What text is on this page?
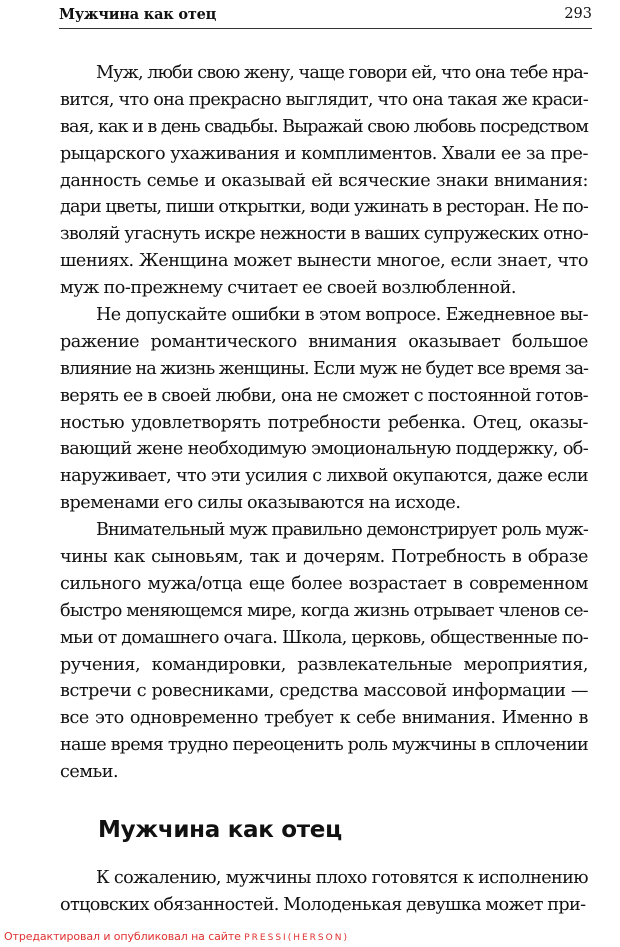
Мужчина как отец	293
Муж, люби свою жену, чаще говори ей, что она тебе нра-
вится, что она прекрасно выглядит, что она такая же краси-
вая, как и в день свадьбы. Выражай свою любовь посредством
рыцарского ухаживания и комплиментов. Хвали ее за пре-
данность семье и оказывай ей всяческие знаки внимания:
дари цветы, пиши открытки, води ужинать в ресторан. Не по-
зволяй угаснуть искре нежности в ваших супружеских отно-
шениях. Женщина может вынести многое, если знает, что
муж по-прежнему считает ее своей возлюбленной.
Не допускайте ошибки в этом вопросе. Ежедневное вы-
ражение романтического внимания оказывает большое
влияние на жизнь женщины. Если муж не будет все время за-
верять ее в своей любви, она не сможет с постоянной готов-
ностью удовлетворять потребности ребенка. Отец, оказы-
вающий жене необходимую эмоциональную поддержку, об-
наруживает, что эти усилия с лихвой окупаются, даже если
временами его силы оказываются на исходе.
Внимательный муж правильно демонстрирует роль муж-
чины как сыновьям, так и дочерям. Потребность в образе
сильного мужа/отца еще более возрастает в современном
быстро меняющемся мире, когда жизнь отрывает членов се-
мьи от домашнего очага. Школа, церковь, общественные по-
ручения, командировки, развлекательные мероприятия,
встречи с ровесниками, средства массовой информации —
все это одновременно требует к себе внимания. Именно в
наше время трудно переоценить роль мужчины в сплочении
семьи.
Мужчина как отец
К сожалению, мужчины плохо готовятся к исполнению
отцовских обязанностей. Молоденькая девушка может при-
Отредактировал и опубликовал на сайте PRESSI(HERSON)
